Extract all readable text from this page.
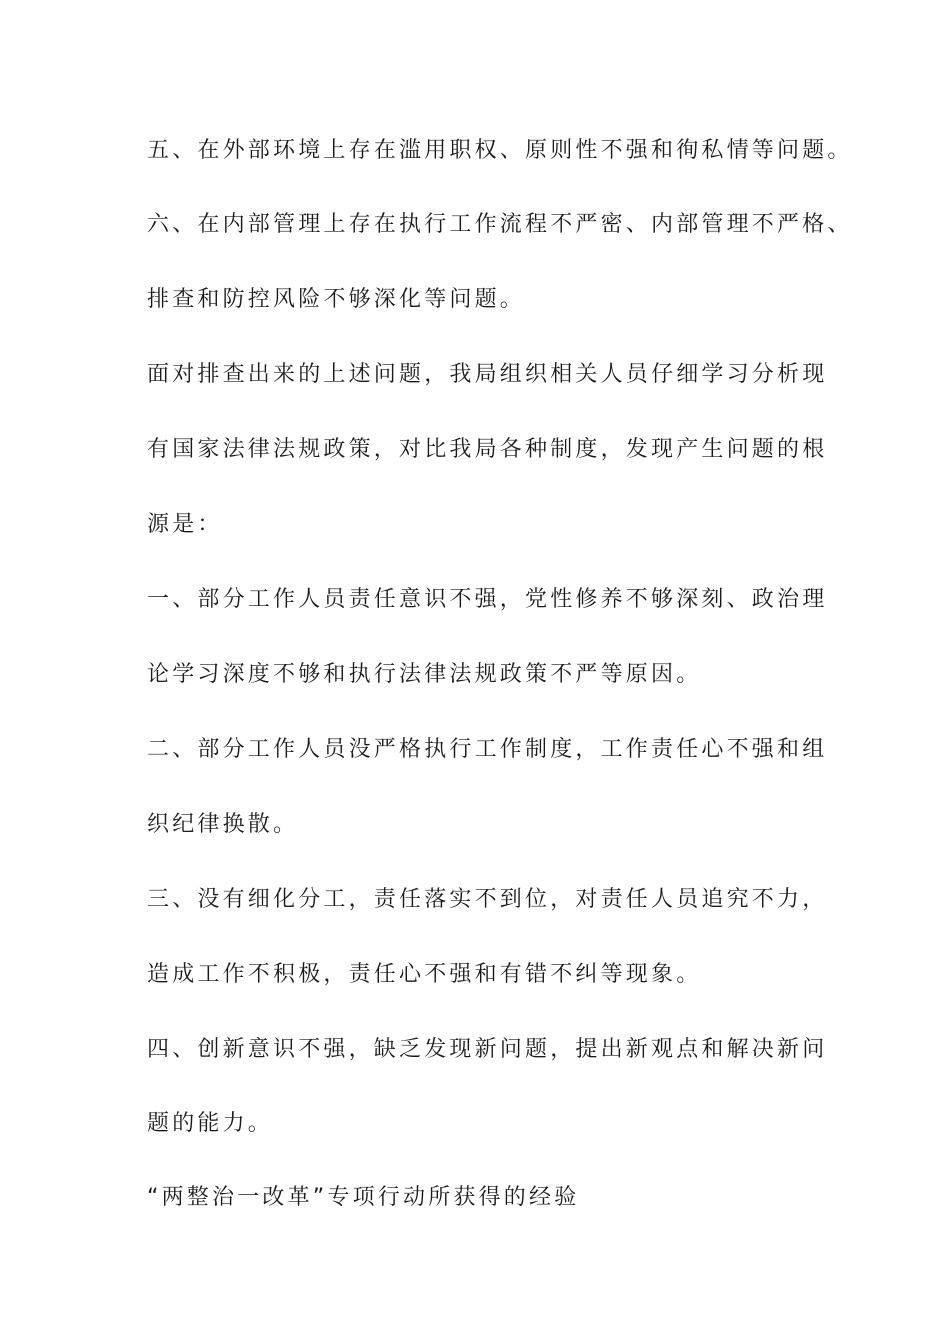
五、在外部环境上存在滥用职权、原则性不强和徇私情等问题。
六、在内部管理上存在执行工作流程不严密、内部管理不严格、
排查和防控风险不够深化等问题。
面对排查出来的上述问题，我局组织相关人员仔细学习分析现
有国家法律法规政策，对比我局各种制度，发现产生问题的根
源是：
一、部分工作人员责任意识不强，党性修养不够深刻、政治理
论学习深度不够和执行法律法规政策不严等原因。
二、部分工作人员没严格执行工作制度，工作责任心不强和组
织纪律换散。
三、没有细化分工，责任落实不到位，对责任人员追究不力，
造成工作不积极，责任心不强和有错不纠等现象。
四、创新意识不强，缺乏发现新问题，提出新观点和解决新问
题的能力。
“两整治一改革”专项行动所获得的经验
